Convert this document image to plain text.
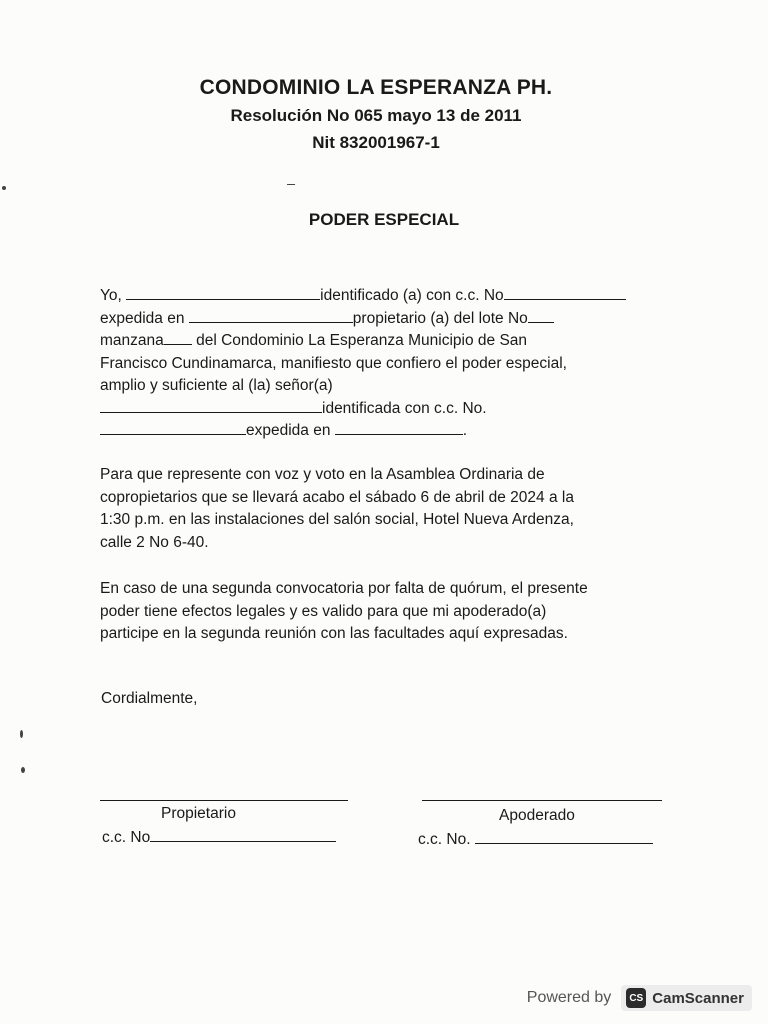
CONDOMINIO LA ESPERANZA PH.
Resolución No 065 mayo 13 de 2011
Nit 832001967-1
PODER ESPECIAL
Yo,	identificado (a) con c.c. No
expedida en	propietario (a) del lote No
manzana del Condominio La Esperanza Municipio de San
Francisco Cundinamarca, manifiesto que confiero el poder especial,
amplio y suficiente al (la) señor(a)
identificada con c.c. No.
expedida en	.
Para que represente con voz y voto en la Asamblea Ordinaria de
copropietarios que se llevará acabo el sábado 6 de abril de 2024 a la
1:30 p.m. en las instalaciones del salón social, Hotel Nueva Ardenza,
calle 2 No 6-40.
En caso de una segunda convocatoria por falta de quórum, el presente
poder tiene efectos legales y es valido para que mi apoderado(a)
participe en la segunda reunión con las facultades aquí expresadas.
Cordialmente,
Propietario
c.c. No
Apoderado
c.c. No.
Powered by	CS CamScanner
